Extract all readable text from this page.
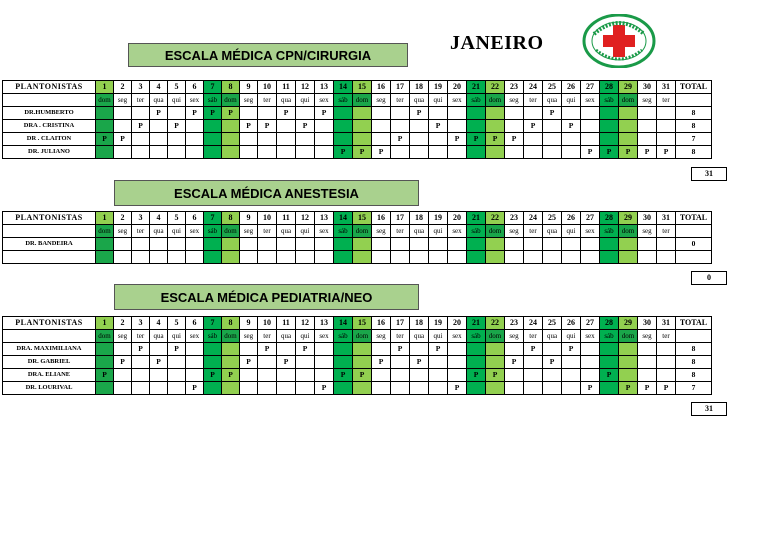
ESCALA MÉDICA CPN/CIRURGIA
JANEIRO
PLANTONISTAS	1	2	3	4	5	6	7	8	9	10	11	12	13	14	15	16	17	18	19	20	21	22	23	24	25	26	27	28	29	30	31	TOTAL
	dom	seg	ter	qua	qui	sex	sáb	dom	seg	ter	qua	qui	sex	sáb	dom	seg	ter	qua	qui	sex	sáb	dom	seg	ter	qua	qui	sex	sáb	dom	seg	ter	
DR.HUMBERTO				P		P	P	P			P		P					P							P							8
DRA . CRISTINA			P		P				P	P		P							P					P		P						8
DR . CLAITON	P	P															P			P	P	P	P									7
DR. JULIANO														P	P	P											P	P	P	P	P	8
31
ESCALA MÉDICA ANESTESIA
PLANTONISTAS	1	2	3	4	5	6	7	8	9	10	11	12	13	14	15	16	17	18	19	20	21	22	23	24	25	26	27	28	29	30	31	TOTAL
	dom	seg	ter	qua	qui	sex	sáb	dom	seg	ter	qua	qui	sex	sáb	dom	seg	ter	qua	qui	sex	sáb	dom	seg	ter	qua	qui	sex	sáb	dom	seg	ter	
DR. BANDEIRA																																0

0
ESCALA MÉDICA PEDIATRIA/NEO
PLANTONISTAS	1	2	3	4	5	6	7	8	9	10	11	12	13	14	15	16	17	18	19	20	21	22	23	24	25	26	27	28	29	30	31	TOTAL
	dom	seg	ter	qua	qui	sex	sáb	dom	seg	ter	qua	qui	sex	sáb	dom	seg	ter	qua	qui	sex	sáb	dom	seg	ter	qua	qui	sex	sáb	dom	seg	ter	
DRA. MAXIMILIANA			P		P					P		P					P		P					P		P						8
DR. GABRIEL		P		P					P		P					P		P					P		P							8
DRA. ELIANE	P						P	P						P	P						P	P						P				8
DR. LOURIVAL						P							P							P							P		P	P	P	7
31
